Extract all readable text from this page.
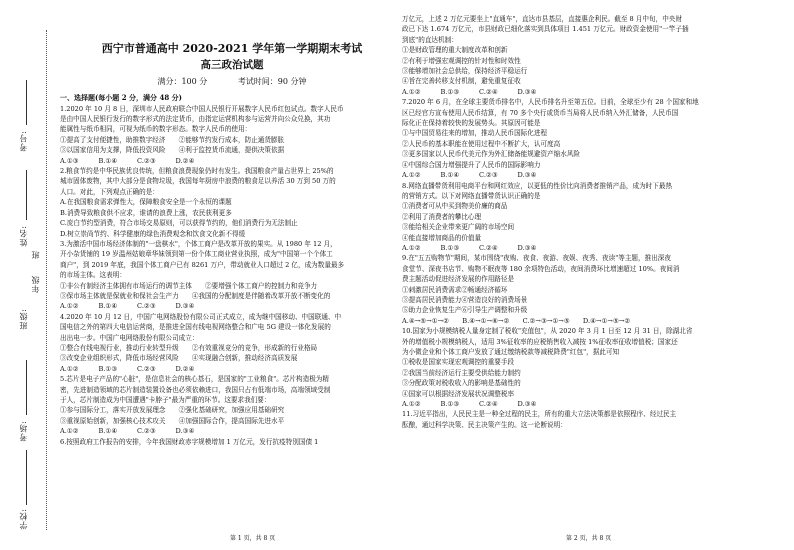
考号:
姓名:
班级:
年级
班
考场:
学校:
西宁市普通高中 2020-2021 学年第一学期期末考试
高三政治试题
满分：100 分	考试时间：90 分钟

一、选择题(每小题 2 分，满分 48 分)

1.2020 年 10 月 8 日，深圳市人民政府联合中国人民银行开展数字人民币红包试点。数字人民币

是由中国人民银行发行的数字形式的法定货币，由指定运营机构参与运营并向公众兑换，其功

能属性与纸币相同，可视为纸币的数字形态。数字人民币的使用：

①提高了支付便捷性，助推数字经济　　②能够节约发行成本，防止通货膨胀

③以国家信用为支撑，降低投资风险　　④利于监控货币流通，提供决策依据

A.①③　　　B.①④　　　C.②③　　　D.②④

2.粮食节约是中华民族优良传统，但粮食浪费现象仍时有发生。我国粮食产量占世界上 25%的

城市固体废物，其中大部分是食物垃圾，我国每年厨房中浪费的粮食足以养活 30 万到 50 万的

人口。对此，下列观点正确的是：

A.在我国粮食需求弹性大，保障粮食安全是一个永恒的课题

B.消费导致粮食供不应求，谁请的浪费上涨，农民获利更多

C.庞白节约型消费，符合市场交易原则，可以获得节约的，他们消费行为无法制止

D.树立崇尚节约、科学健康的绿色消费观念和饮食文化新不得缓

3.为激活中国市场经济体制的"一盘棋水"，个体工商户是改革开放的果实。从 1980 年 12 月，

开小杂货铺的 19 岁温州姑娘章华妹领到第一份个体工商业营业执照，成为"中国第一个个体工

商户"，到 2019 年底，我国个体工商户已有 8261 万户，带动就业人口超过 2 亿，成为数量最多

的市场主体。这表明：

①非公有制经济主体拥有市场运行的调节主体　　②要增强个体工商户的控制力和竞争力

③保市场主体就是保就业和保社会生产力　　④我国的分配制度是伴随着改革开放不断变化的

A.①②　　　B.①④　　　C.②③　　　D.③④

4.2020 年 10 月 12 日，中国广电网络股份有限公司正式成立，成为继中国移动、中国联通、中

国电信之外的第四大电信运营商，是推进全国有线电视网络整合和广电 5G 建设一体化发展的

出出电一步。中国广电网络股份有限公司成立：

①整合有线电视行业，推动行业转型升级　　②有效重视竞分的竞争，形成新的行业格局

③改变企业组织形式，降低市场经营风险　　④实现融合创新，推动经济高质发展

A.①②　　　B.①③　　　C.②③　　　D.②④

5.芯片是电子产品的"心脏"，是信息社会的核心基石，是国家的"工业粮食"。芯片构造极为精

密，先进制造领域的芯片制造装置设备也必须依赖进口，我国只占有低端市场，高端领域受制

于人，芯片制造成为中国遭遇"卡脖子"最为严重的环节。这要求我们要：

①参与国际分工，落实开放发展理念　　②强化基础研究，加强应用基础研究

③重视原始创新，加强核心技术攻关　　④加强国际合作，提高国际先进水平

A.①②　　　B.①④　　　C.②③　　　D.③④

6.按照政府工作报告的安排，今年我国财政赤字规模增加 1 万亿元，发行抗疫特别国债 1

万亿元，上述 2 万亿元要坐上"直通车"，直达市县基层，直接惠企利民。截至 8 月中旬，中央财

政已下达 1.674 万亿元，市县财政已细化落实到具体项目 1.451 万亿元。财政资金使用"一竿子插

到底"的直达机制：

①是财政管理的重大制度改革和创新

②有利于增强宏观调控的针对性和时效性

③能够增加社会总供给，保持经济平稳运行

④旨在完善转移支付机制，避免重复征收

A.①②　　　B.①③　　　C.②④　　　D.③④

7.2020 年 6 月，在全球主要货币排名中，人民币排名升至第五位。目前，全球至少有 28 个国家和地

区已经官方宣布使用人民币结算，有 70 多个央行或货币当局将人民币纳入外汇储备，人民币国

际化正在保持着较快的发展势头。其原因可能是

①与中国贸易往来的增加，推动人民币国际化进程

②人民币的基本职能在使用过程中不断扩大，认可度高

③更多国家以人民币代美元作为外汇储备能规避资产缩水风险

④中国综合国力增强提升了人民币的国际影响力

A.①②　　　B.①④　　　C.②③　　　D.③④

8.网络直播带货利用电商平台和网红效应，以更低的性价比向消费者推销产品，成为时下最热

的营销方式。以下对网络直播带货认识正确的是

①消费者可从中买到物美价廉的商品

②利用了消费者的攀比心理

③能给相关企业带来更广阔的市场空间

④能直接增加商品的价值量

A.①②　　　B.①③　　　C.②④　　　D.③④

9.在"五五购物节"期间，某市围绕"夜购、夜食、夜游、夜娱、夜秀、夜读"等主题，推出深夜

食堂节、深夜书店节、购物不眠夜等 180 余项特色活动，夜间消费环比增速超过 10%。夜间消

费主题活动促进经济发展的作用路径是

①刺激居民消费需求②畅通经济循环

③提高居民消费能力④营造良好的消费场景

⑤助力企业恢复生产⑥引导生产调整和升级

A.④→⑤→①→②　　B.④→①→⑥→②　　C.②→③→①→⑤　　D.④→①→⑤→②

10.国家为小规模纳税人量身定制了税收"充值包"，从 2020 年 3 月 1 日至 12 月 31 日，除湖北省

外的增值税小规模纳税人，适用 3%征收率的应税销售收入减按 1%征收率征收增值税；国家还

为小微企业和个体工商户发放了通过缴纳税款等减税降费"红包"，据此可知

①税收是国家实现宏观调控的重要手段

②我国当前经济运行主要受供给能力制约

③分配政策对税收收入的影响是基础性的

④国家可以根据经济发展状况调整税率

A.①②　　　B.①③　　　C.②④　　　D.③④

11.习近平指出，人民民主是一种全过程的民主，所有的重大立法决策都是依照程序、经过民主

酝酿，通过科学决策、民主决策产生的。这一论断说明：

第 1 页，共 8 页	第 2 页，共 8 页
